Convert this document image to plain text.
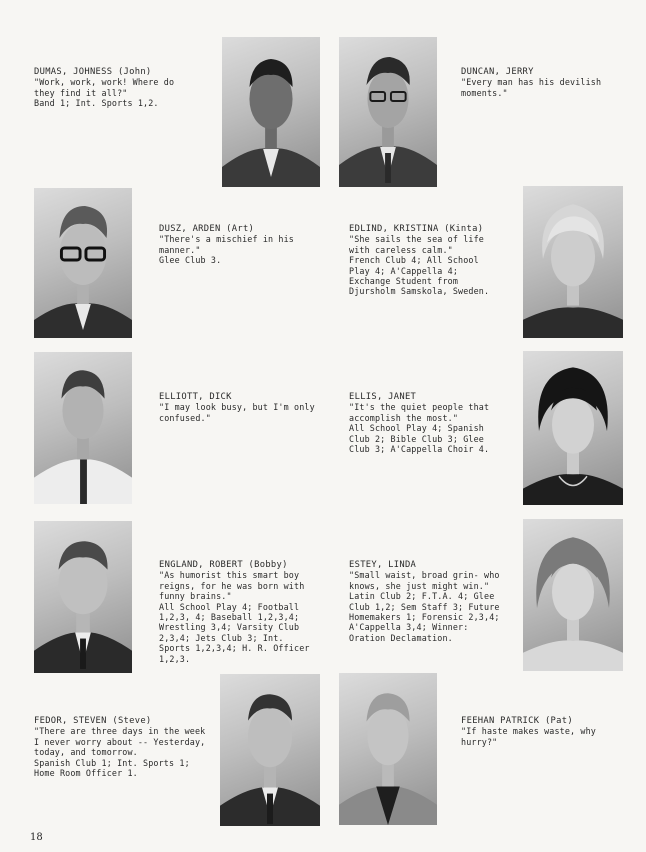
DUMAS, JOHNESS (John)
"Work, work, work! Where do they find it all?"
Band 1; Int. Sports 1,2.
DUNCAN, JERRY
"Every man has his devilish moments."
DUSZ, ARDEN (Art)
"There's a mischief in his manner."
Glee Club 3.
EDLIND, KRISTINA (Kinta)
"She sails the sea of life with careless calm."
French Club 4; All School Play 4; A'Cappella 4; Exchange Student from Djursholm Samskola, Sweden.
ELLIOTT, DICK
"I may look busy, but I'm only confused."
ELLIS, JANET
"It's the quiet people that accomplish the most."
All School Play 4; Spanish Club 2; Bible Club 3; Glee Club 3; A'Cappella Choir 4.
ENGLAND, ROBERT (Bobby)
"As humorist this smart boy reigns, for he was born with funny brains."
All School Play 4; Football 1,2,3, 4; Baseball 1,2,3,4; Wrestling 3,4; Varsity Club 2,3,4; Jets Club 3; Int. Sports 1,2,3,4; H. R. Officer 1,2,3.
ESTEY, LINDA
"Small waist, broad grin- who knows, she just might win."
Latin Club 2; F.T.A. 4; Glee Club 1,2; Sem Staff 3; Future Homemakers 1; Forensic 2,3,4; A'Cappella 3,4; Winner: Oration Declamation.
FEDOR, STEVEN (Steve)
"There are three days in the week I never worry about -- Yesterday, today, and tomorrow.
Spanish Club 1; Int. Sports 1; Home Room Officer 1.
FEEHAN PATRICK (Pat)
"If haste makes waste, why hurry?"
18
